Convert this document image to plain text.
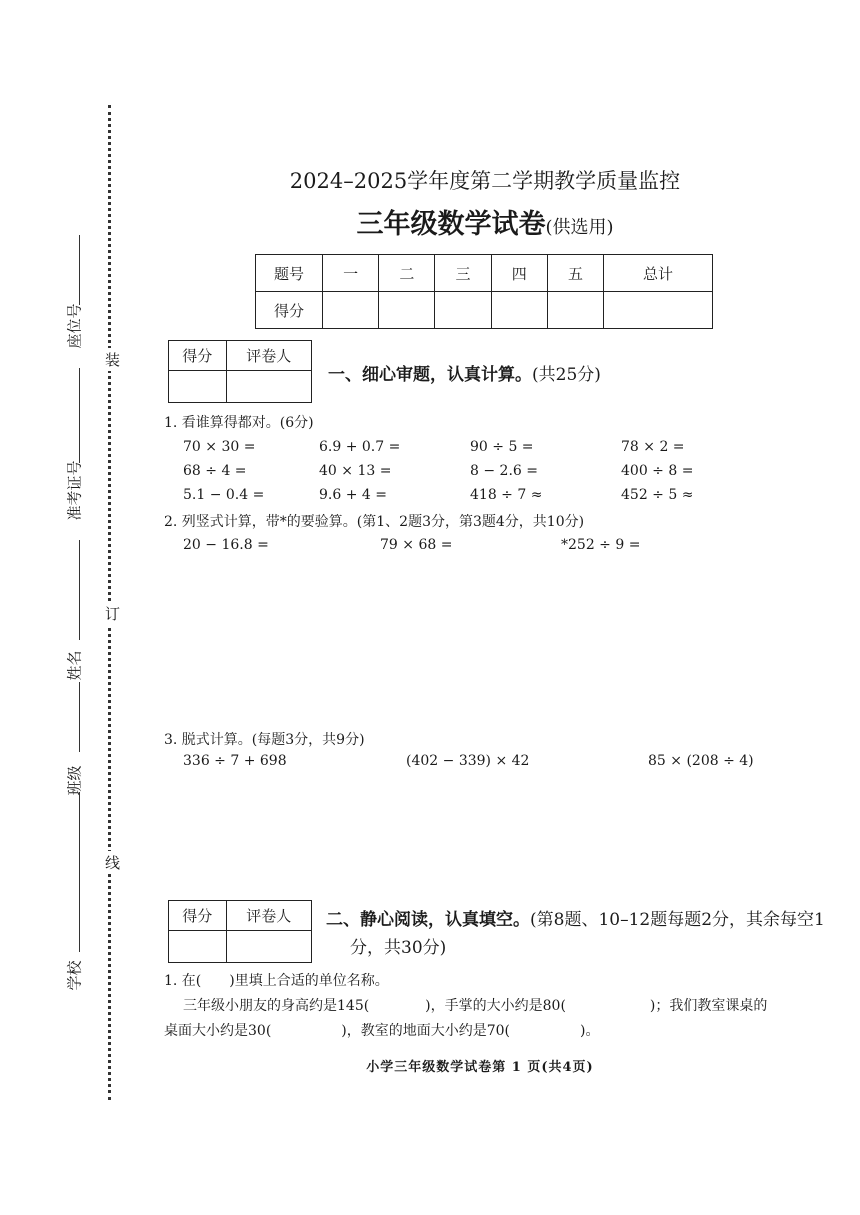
装
订
线
座位号
准考证号
姓名
班级
学校
2024–2025学年度第二学期教学质量监控
三年级数学试卷(供选用)
题号	一	二	三	四	五	总计
得分						
得分	评卷人

一、细心审题，认真计算。(共25分)
1. 看谁算得都对。(6分)
70 × 30 =	6.9 + 0.7 =	90 ÷ 5 =	78 × 2 =
68 ÷ 4 =	40 × 13 =	8 − 2.6 =	400 ÷ 8 =
5.1 − 0.4 =	9.6 + 4 =	418 ÷ 7 ≈	452 ÷ 5 ≈
2. 列竖式计算，带*的要验算。(第1、2题3分，第3题4分，共10分)
20 − 16.8 =	79 × 68 =	*252 ÷ 9 =
3. 脱式计算。(每题3分，共9分)
336 ÷ 7 + 698	(402 − 339) × 42	85 × (208 ÷ 4)
得分	评卷人
	二、静心阅读，认真填空。(第8题、10–12题每题2分，其余每空1
分，共30分)
1. 在(　　)里填上合适的单位名称。
三年级小朋友的身高约是145(　　　　)，手掌的大小约是80(　　　　　　)；我们教室课桌的
桌面大小约是30(　　　　　)，教室的地面大小约是70(　　　　　)。
小学三年级数学试卷第 1 页(共4页)
